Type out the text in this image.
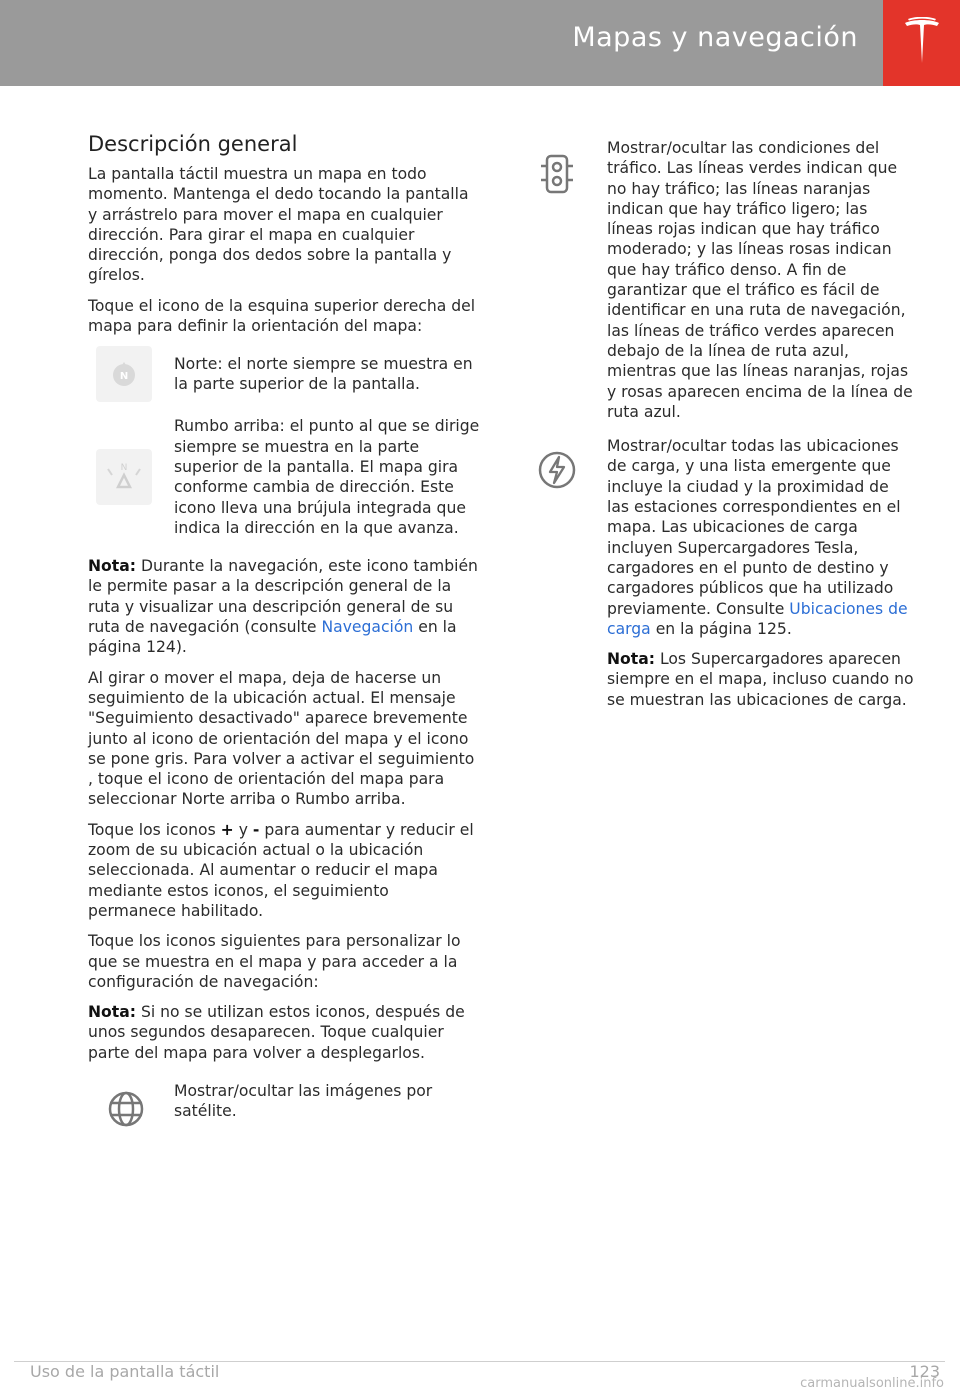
Mapas y navegación
Descripción general

La pantalla táctil muestra un mapa en todo momento. Mantenga el dedo tocando la pantalla y arrástrelo para mover el mapa en cualquier dirección. Para girar el mapa en cualquier dirección, ponga dos dedos sobre la pantalla y gírelos.

Toque el icono de la esquina superior derecha del mapa para definir la orientación del mapa:

N
Norte: el norte siempre se muestra en la parte superior de la pantalla.
N
Rumbo arriba: el punto al que se dirige siempre se muestra en la parte superior de la pantalla. El mapa gira conforme cambia de dirección. Este icono lleva una brújula integrada que indica la dirección en la que avanza.

Nota: Durante la navegación, este icono también le permite pasar a la descripción general de la ruta y visualizar una descripción general de su ruta de navegación (consulte Navegación en la página 124).

Al girar o mover el mapa, deja de hacerse un seguimiento de la ubicación actual. El mensaje "Seguimiento desactivado" aparece brevemente junto al icono de orientación del mapa y el icono se pone gris. Para volver a activar el seguimiento , toque el icono de orientación del mapa para seleccionar Norte arriba o Rumbo arriba.

Toque los iconos + y - para aumentar y reducir el zoom de su ubicación actual o la ubicación seleccionada. Al aumentar o reducir el mapa mediante estos iconos, el seguimiento permanece habilitado.

Toque los iconos siguientes para personalizar lo que se muestra en el mapa y para acceder a la configuración de navegación:

Nota: Si no se utilizan estos iconos, después de unos segundos desaparecen. Toque cualquier parte del mapa para volver a desplegarlos.

Mostrar/ocultar las imágenes por satélite.
Mostrar/ocultar las condiciones del tráfico. Las líneas verdes indican que no hay tráfico; las líneas naranjas indican que hay tráfico ligero; las líneas rojas indican que hay tráfico moderado; y las líneas rosas indican que hay tráfico denso. A fin de garantizar que el tráfico es fácil de identificar en una ruta de navegación, las líneas de tráfico verdes aparecen debajo de la línea de ruta azul, mientras que las líneas naranjas, rojas y rosas aparecen encima de la línea de ruta azul.
Mostrar/ocultar todas las ubicaciones de carga, y una lista emergente que incluye la ciudad y la proximidad de las estaciones correspondientes en el mapa. Las ubicaciones de carga incluyen Supercargadores Tesla, cargadores en el punto de destino y cargadores públicos que ha utilizado previamente. Consulte Ubicaciones de carga en la página 125.

Nota: Los Supercargadores aparecen siempre en el mapa, incluso cuando no se muestran las ubicaciones de carga.

Uso de la pantalla táctil	123
carmanualsonline.info
